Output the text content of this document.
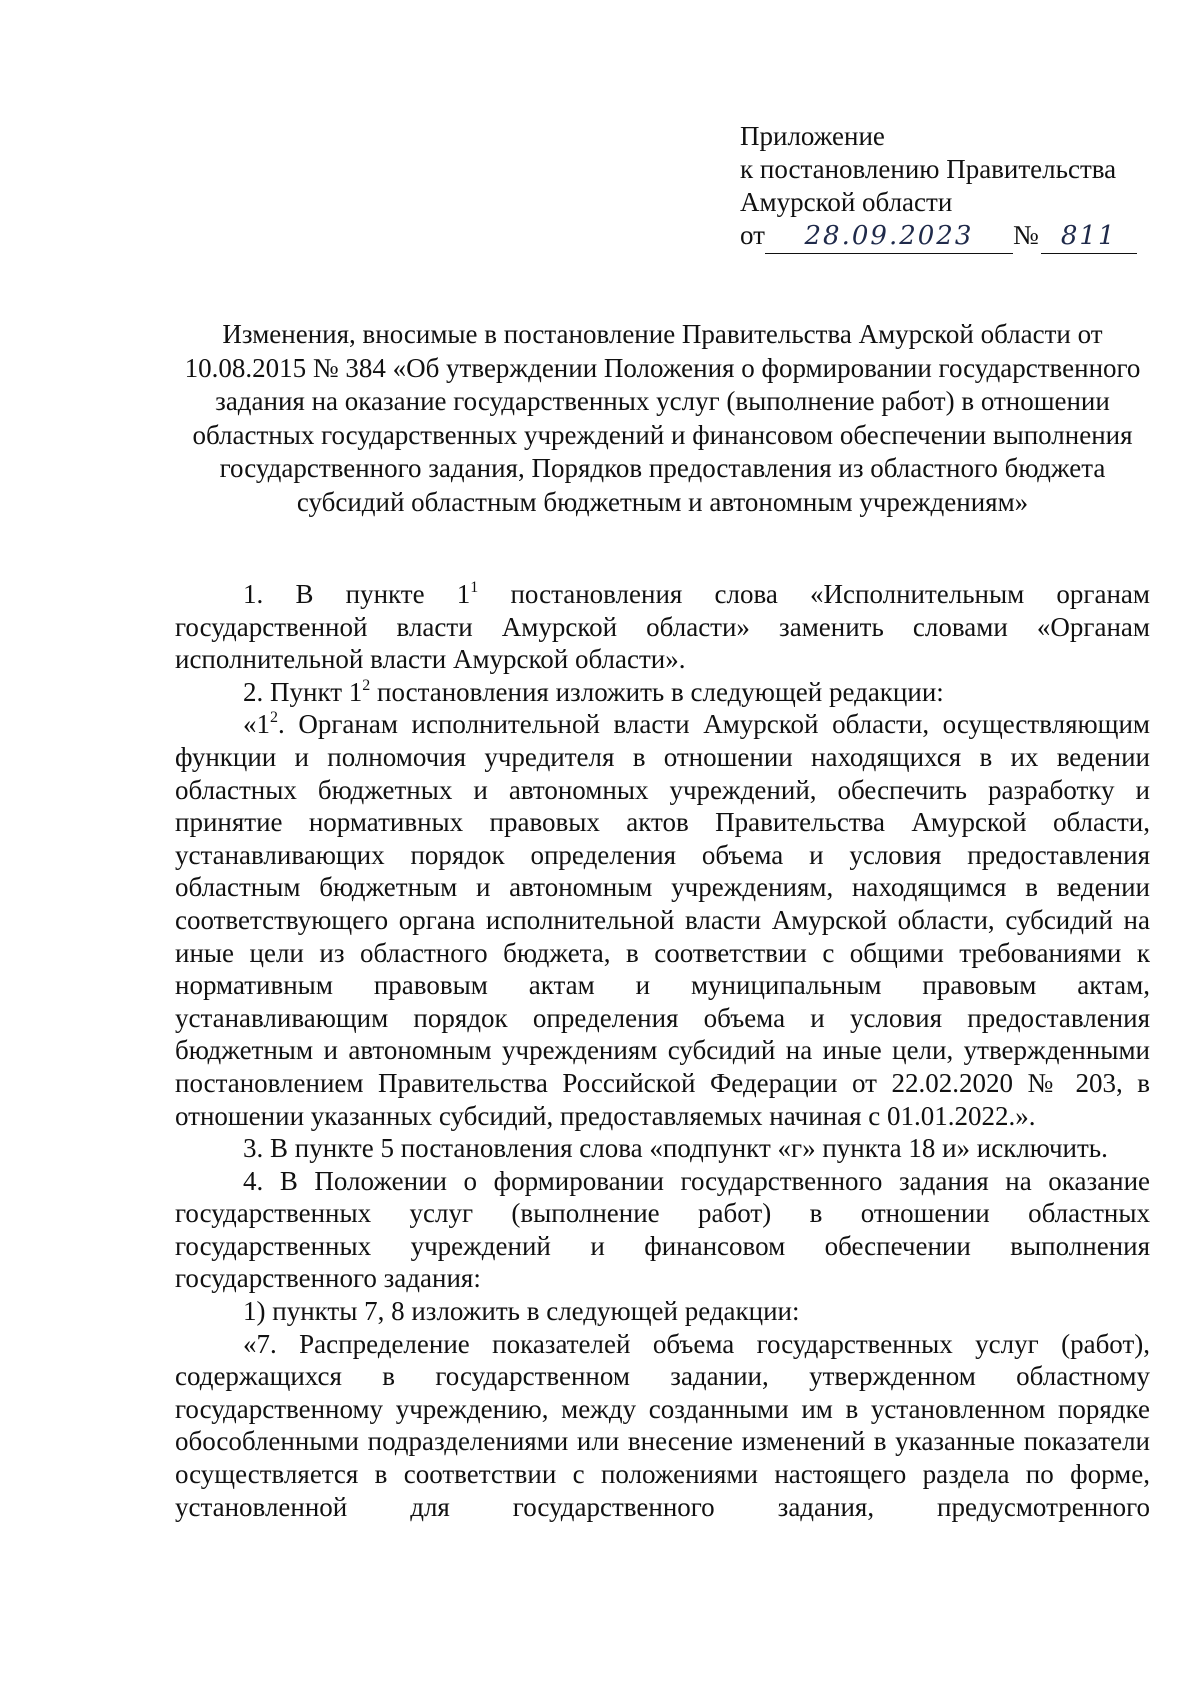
Приложение
к постановлению Правительства
Амурской области
от 28.09.2023 № 811
Изменения, вносимые в постановление Правительства Амурской области от 10.08.2015 № 384 «Об утверждении Положения о формировании государственного задания на оказание государственных услуг (выполнение работ) в отношении областных государственных учреждений и финансовом обеспечении выполнения государственного задания, Порядков предоставления из областного бюджета субсидий областным бюджетным и автономным учреждениям»

1. В пункте $1^1$ постановления слова «Исполнительным органам государственной власти Амурской области» заменить словами «Органам исполнительной власти Амурской области».

2. Пункт $1^2$ постановления изложить в следующей редакции:

«$1^2$. Органам исполнительной власти Амурской области, осуществляющим функции и полномочия учредителя в отношении находящихся в их ведении областных бюджетных и автономных учреждений, обеспечить разработку и принятие нормативных правовых актов Правительства Амурской области, устанавливающих порядок определения объема и условия предоставления областным бюджетным и автономным учреждениям, находящимся в ведении соответствующего органа исполнительной власти Амурской области, субсидий на иные цели из областного бюджета, в соответствии с общими требованиями к нормативным правовым актам и муниципальным правовым актам, устанавливающим порядок определения объема и условия предоставления бюджетным и автономным учреждениям субсидий на иные цели, утвержденными постановлением Правительства Российской Федерации от 22.02.2020 № 203, в отношении указанных субсидий, предоставляемых начиная с 01.01.2022.».

3. В пункте 5 постановления слова «подпункт «г» пункта 18 и» исключить.

4. В Положении о формировании государственного задания на оказание государственных услуг (выполнение работ) в отношении областных государственных учреждений и финансовом обеспечении выполнения государственного задания:

1) пункты 7, 8 изложить в следующей редакции:

«7. Распределение показателей объема государственных услуг (работ), содержащихся в государственном задании, утвержденном областному государственному учреждению, между созданными им в установленном порядке обособленными подразделениями или внесение изменений в указанные показатели осуществляется в соответствии с положениями настоящего раздела по форме, установленной для государственного задания, предусмотренного
